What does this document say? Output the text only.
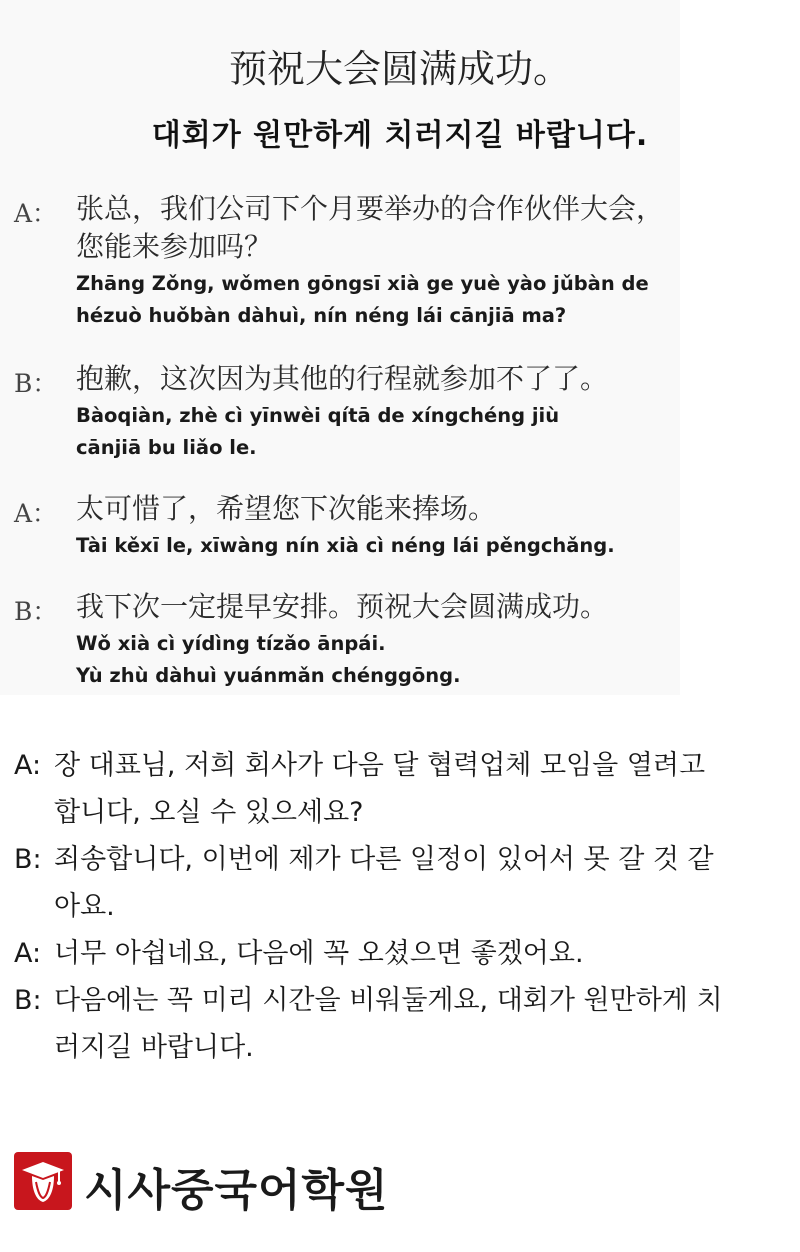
预祝大会圆满成功。
대회가 원만하게 치러지길 바랍니다.
A： 张总，我们公司下个月要举办的合作伙伴大会，
您能来参加吗？
Zhāng Zǒng, wǒmen gōngsī xià ge yuè yào jǔbàn de
hézuò huǒbàn dàhuì, nín néng lái cānjiā ma?
B： 抱歉，这次因为其他的行程就参加不了了。
Bàoqiàn, zhè cì yīnwèi qítā de xíngchéng jiù
cānjiā bu liǎo le.
A： 太可惜了，希望您下次能来捧场。
Tài kěxī le, xīwàng nín xià cì néng lái pěngchǎng.
B： 我下次一定提早安排。预祝大会圆满成功。
Wǒ xià cì yídìng tízǎo ānpái.
Yù zhù dàhuì yuánmǎn chénggōng.
A: 장 대표님, 저희 회사가 다음 달 협력업체 모임을 열려고
합니다, 오실 수 있으세요?
B: 죄송합니다, 이번에 제가 다른 일정이 있어서 못 갈 것 같
아요.
A: 너무 아쉽네요, 다음에 꼭 오셨으면 좋겠어요.
B: 다음에는 꼭 미리 시간을 비워둘게요, 대회가 원만하게 치
러지길 바랍니다.
시사중국어학원
